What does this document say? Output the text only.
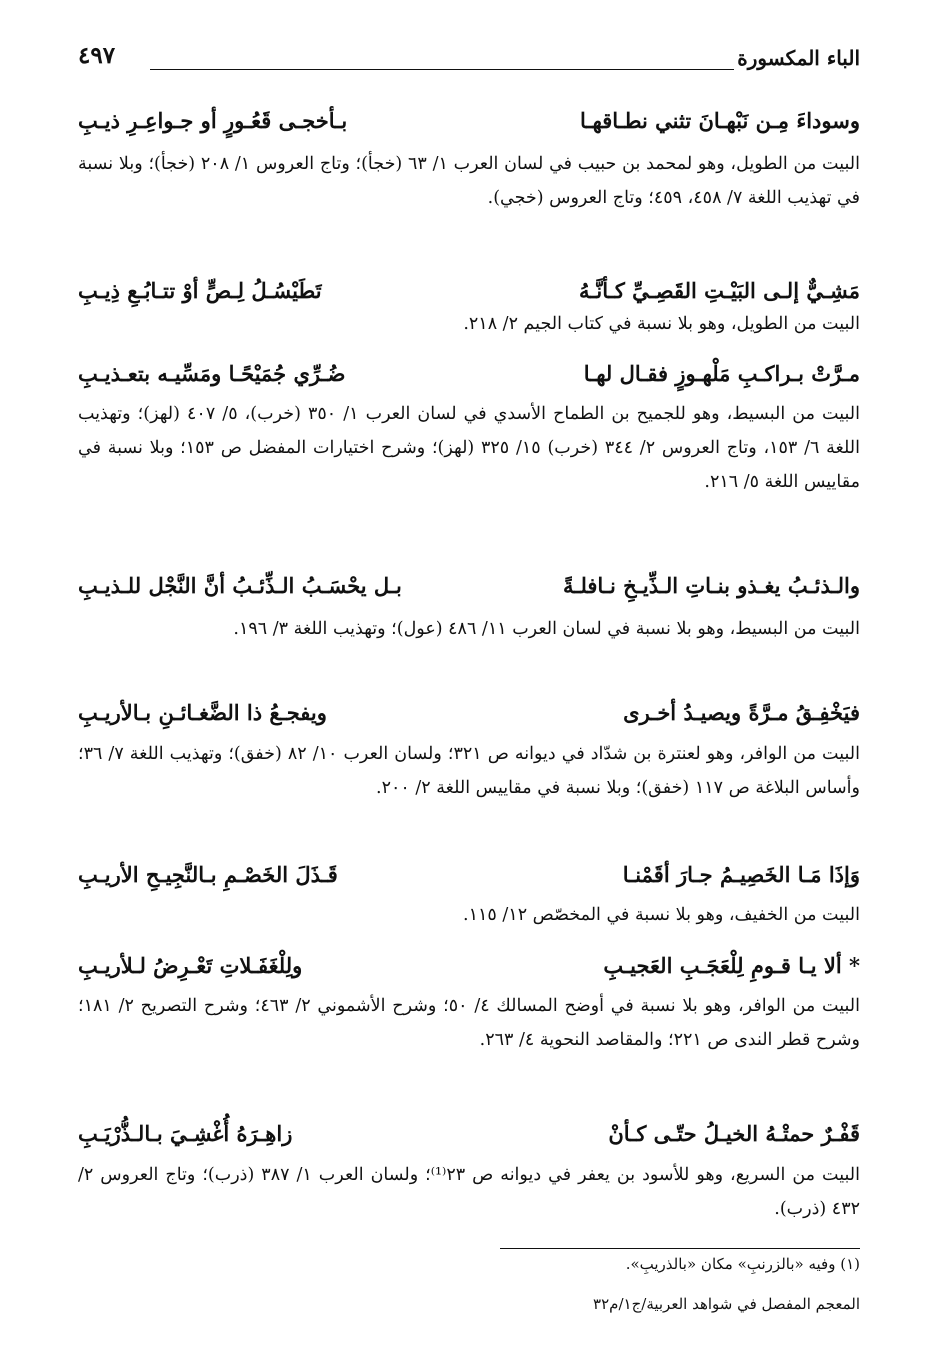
الباء المكسورة
٤٩٧
وسوداءَ مِـن نَبْهـانَ تثني نطـاقهـا
بـأخجـى قَعُـورٍ أو جـواعِـرِ ذيـبِ
البيت من الطويل، وهو لمحمد بن حبيب في لسان العرب ١/ ٦٣ (خجأ)؛ وتاج العروس ١/ ٢٠٨ (خجأ)؛ وبلا نسبة في تهذيب اللغة ٧/ ٤٥٨، ٤٥٩؛ وتاج العروس (خجي).
مَشِـيٌّ إلـى البَيْـتِ القَصِـيِّ كـأنَّـهُ
تَطَيْسُـلُ لِـصٍّ أوْ تتـابُـعِ ذِيـبِ
البيت من الطويل، وهو بلا نسبة في كتاب الجيم ٢/ ٢١٨.
مـرَّتْ بـراكـبِ مَلْهـوزٍ فقـال لهـا
ضُـرِّي جُمَيْحًـا ومَسِّيـه بتعـذيـبِ
البيت من البسيط، وهو للجميح بن الطماح الأسدي في لسان العرب ١/ ٣٥٠ (خرب)، ٥/ ٤٠٧ (لهز)؛ وتهذيب اللغة ٦/ ١٥٣، وتاج العروس ٢/ ٣٤٤ (خرب) ١٥/ ٣٢٥ (لهز)؛ وشرح اختيارات المفضل ص ١٥٣؛ وبلا نسبة في مقاييس اللغة ٥/ ٢١٦.
والـذئـبُ يغـذو بنـاتِ الـذِّيـخِ نـافلـةً
بـل يحْسَـبُ الـذِّئـبُ أنَّ النَّجْل للـذيـبِ
البيت من البسيط، وهو بلا نسبة في لسان العرب ١١/ ٤٨٦ (عول)؛ وتهذيب اللغة ٣/ ١٩٦.
فيَخْفِـقُ مـرَّةً ويصيـدُ أخـرى
ويفجـعُ ذا الضَّغـائـنِ بـالأريـبِ
البيت من الوافر، وهو لعنترة بن شدّاد في ديوانه ص ٣٢١؛ ولسان العرب ١٠/ ٨٢ (خفق)؛ وتهذيب اللغة ٧/ ٣٦؛ وأساس البلاغة ص ١١٧ (خفق)؛ وبلا نسبة في مقاييس اللغة ٢/ ٢٠٠.
وَإذَا مَـا الخَصِيـمُ جـارَ أقَمْنـا
قَـذَلَ الخَصْـمِ بـالنَّجِيـحِ الأريـبِ
البيت من الخفيف، وهو بلا نسبة في المخصّص ١٢/ ١١٥.
* ألا يـا قـومِ لِلْعَجَـبِ العَجيـبِ
ولِلْغَفَـلاتِ تَعْـرِضُ لـلأريـبِ
البيت من الوافر، وهو بلا نسبة في أوضح المسالك ٤/ ٥٠؛ وشرح الأشموني ٢/ ٤٦٣؛ وشرح التصريح ٢/ ١٨١؛ وشرح قطر الندى ص ٢٢١؛ والمقاصد النحوية ٤/ ٢٦٣.
قَفْـرٌ حمتْـهُ الخيـلُ حتّـى كـأنْ
زاهِـرَهُ أُغْشِـيَ بـالـذُّرْيَـبِ
البيت من السريع، وهو للأسود بن يعفر في ديوانه ص ٢٣⁽¹⁾؛ ولسان العرب ١/ ٣٨٧ (ذرب)؛ وتاج العروس ٢/ ٤٣٢ (ذرب).
(١) وفيه «بالزرنبِ» مكان «بالذريبِ».
المعجم المفصل في شواهد العربية/ج١/م٣٢
